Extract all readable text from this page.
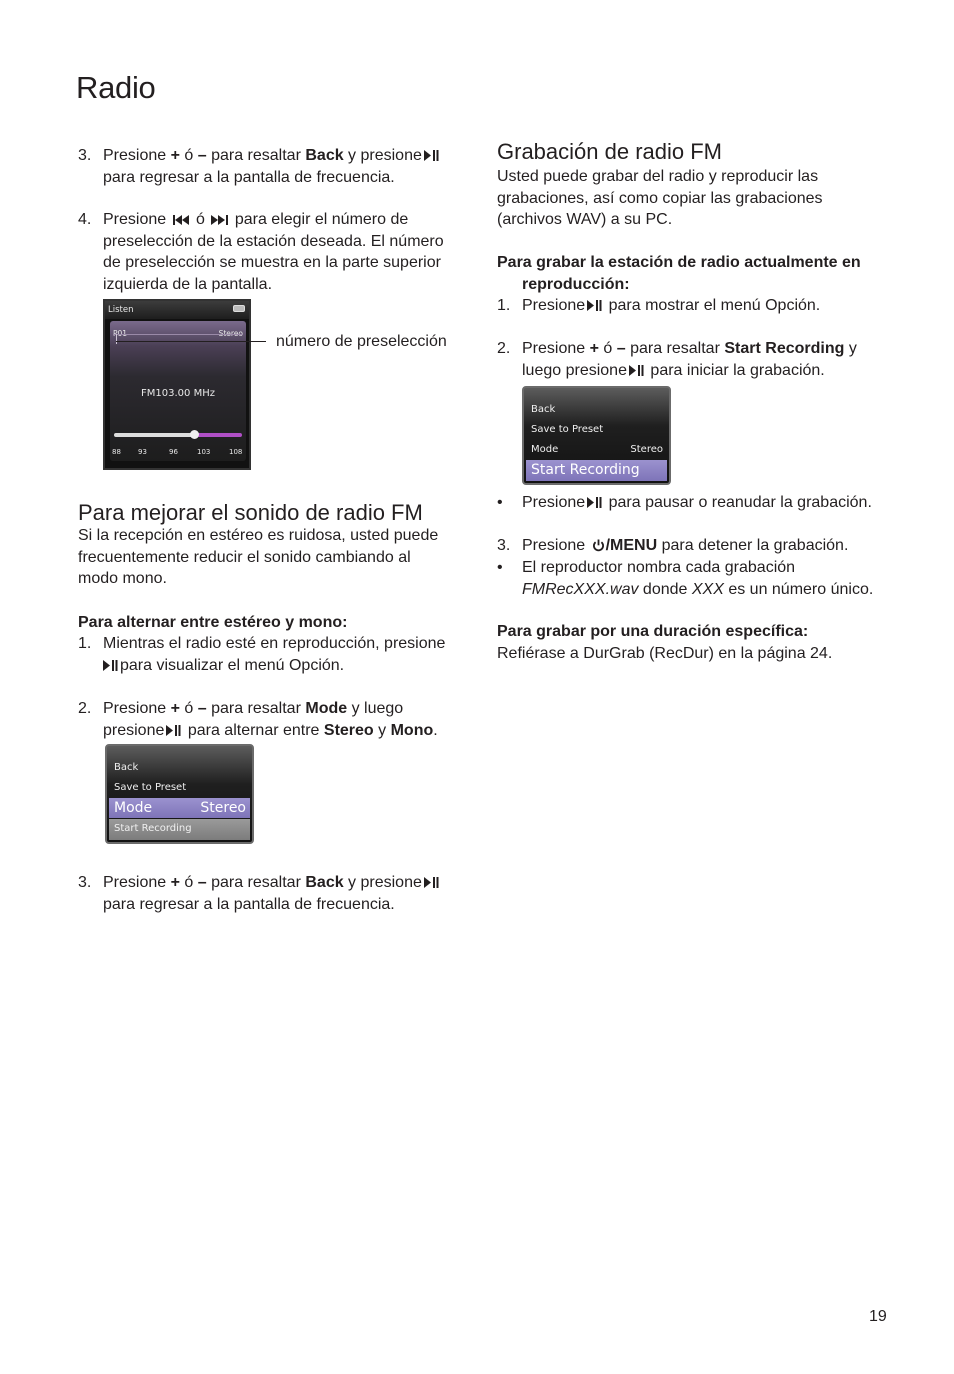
Radio
3. Presione + ó – para resaltar Back y presione

para regresar a la pantalla de frecuencia.

4. Presione  ó  para elegir el número de

preselección de la estación deseada. El número

de preselección se muestra en la parte superior

izquierda de la pantalla.

Listen
FM103.00 MHz
88 93	96	103	108
número de preselección
Para mejorar el sonido de radio FM

Si la recepción en estéreo es ruidosa, usted puede

frecuentemente reducir el sonido cambiando al

modo mono.

Para alternar entre estéreo y mono:
1. Mientras el radio esté en reproducción, presione

para visualizar el menú Opción.

2. Presione + ó – para resaltar Mode y luego

presione para alternar entre Stereo y Mono.

Back
Save to Preset
Mode	Stereo
Start Recording
3. Presione + ó – para resaltar Back y presione

para regresar a la pantalla de frecuencia.

Grabación de radio FM

Usted puede grabar del radio y reproducir las

grabaciones, así como copiar las grabaciones

(archivos WAV) a su PC.

Para grabar la estación de radio actualmente en

reproducción:

1. Presione para mostrar el menú Opción.

2. Presione + ó – para resaltar Start Recording y

luego presione para iniciar la grabación.

Back
Save to Preset
Mode	Stereo
Start Recording
• Presione para pausar o reanudar la grabación.

3. Presione /MENU para detener la grabación.

• El reproductor nombra cada grabación

FMRecXXX.wav donde XXX es un número único.

Para grabar por una duración específica:
Refiérase a DurGrab (RecDur) en la página 24.
19
